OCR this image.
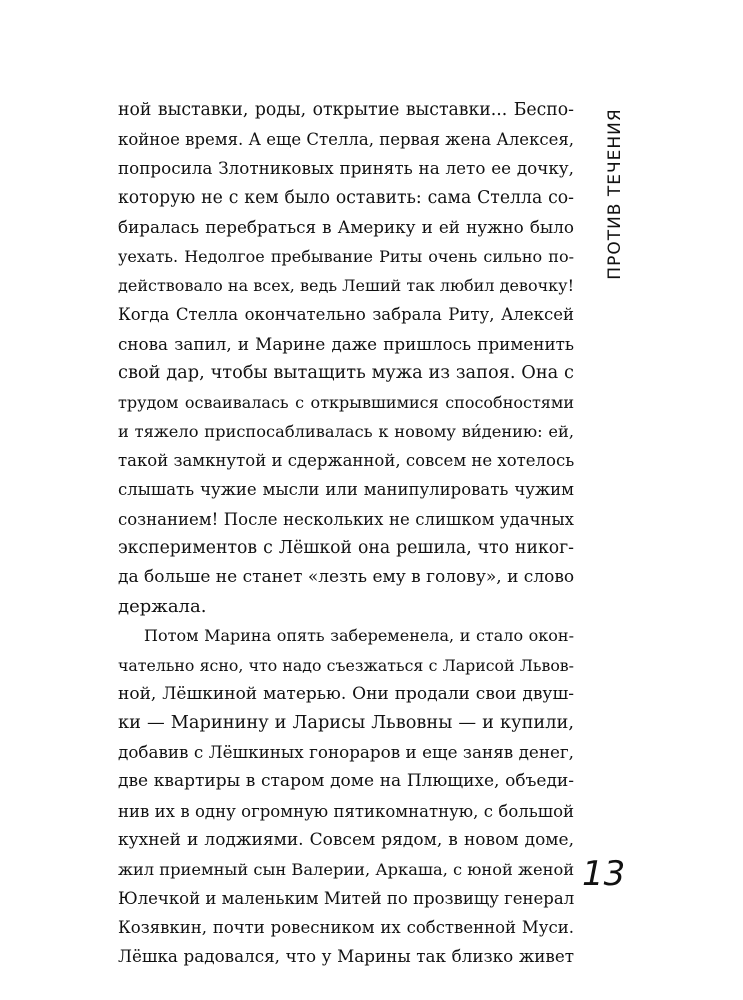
ПРОТИВ ТЕЧЕНИЯ
ной выставки, роды, открытие выставки... Беспо-
койное время. А еще Стелла, первая жена Алексея,
попросила Злотниковых принять на лето ее дочку,
которую не с кем было оставить: сама Стелла со-
биралась перебраться в Америку и ей нужно было
уехать. Недолгое пребывание Риты очень сильно по-
действовало на всех, ведь Леший так любил девочку!
Когда Стелла окончательно забрала Риту, Алексей
снова запил, и Марине даже пришлось применить
свой дар, чтобы вытащить мужа из запоя. Она с
трудом осваивалась с открывшимися способностями
и тяжело приспосабливалась к новому ви́дению: ей,
такой замкнутой и сдержанной, совсем не хотелось
слышать чужие мысли или манипулировать чужим
сознанием! После нескольких не слишком удачных
экспериментов с Лёшкой она решила, что никог-
да больше не станет «лезть ему в голову», и слово
держала.
Потом Марина опять забеременела, и стало окон-
чательно ясно, что надо съезжаться с Ларисой Львов-
ной, Лёшкиной матерью. Они продали свои двуш-
ки — Маринину и Ларисы Львовны — и купили,
добавив с Лёшкиных гонораров и еще заняв денег,
две квартиры в старом доме на Плющихе, объеди-
нив их в одну огромную пятикомнатную, с большой
кухней и лоджиями. Совсем рядом, в новом доме,
жил приемный сын Валерии, Аркаша, с юной женой
Юлечкой и маленьким Митей по прозвищу генерал
Козявкин, почти ровесником их собственной Муси.
Лёшка радовался, что у Марины так близко живет
13
